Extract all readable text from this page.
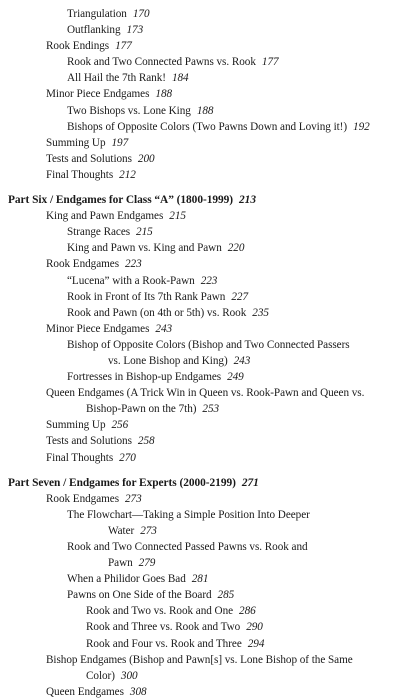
Triangulation 170
Outflanking 173
Rook Endings 177
Rook and Two Connected Pawns vs. Rook 177
All Hail the 7th Rank! 184
Minor Piece Endgames 188
Two Bishops vs. Lone King 188
Bishops of Opposite Colors (Two Pawns Down and Loving it!) 192
Summing Up 197
Tests and Solutions 200
Final Thoughts 212
Part Six / Endgames for Class “A” (1800-1999) 213
King and Pawn Endgames 215
Strange Races 215
King and Pawn vs. King and Pawn 220
Rook Endgames 223
“Lucena” with a Rook-Pawn 223
Rook in Front of Its 7th Rank Pawn 227
Rook and Pawn (on 4th or 5th) vs. Rook 235
Minor Piece Endgames 243
Bishop of Opposite Colors (Bishop and Two Connected Passers
vs. Lone Bishop and King) 243
Fortresses in Bishop-up Endgames 249
Queen Endgames (A Trick Win in Queen vs. Rook-Pawn and Queen vs.
Bishop-Pawn on the 7th) 253
Summing Up 256
Tests and Solutions 258
Final Thoughts 270
Part Seven / Endgames for Experts (2000-2199) 271
Rook Endgames 273
The Flowchart—Taking a Simple Position Into Deeper
Water 273
Rook and Two Connected Passed Pawns vs. Rook and
Pawn 279
When a Philidor Goes Bad 281
Pawns on One Side of the Board 285
Rook and Two vs. Rook and One 286
Rook and Three vs. Rook and Two 290
Rook and Four vs. Rook and Three 294
Bishop Endgames (Bishop and Pawn[s] vs. Lone Bishop of the Same
Color) 300
Queen Endgames 308
